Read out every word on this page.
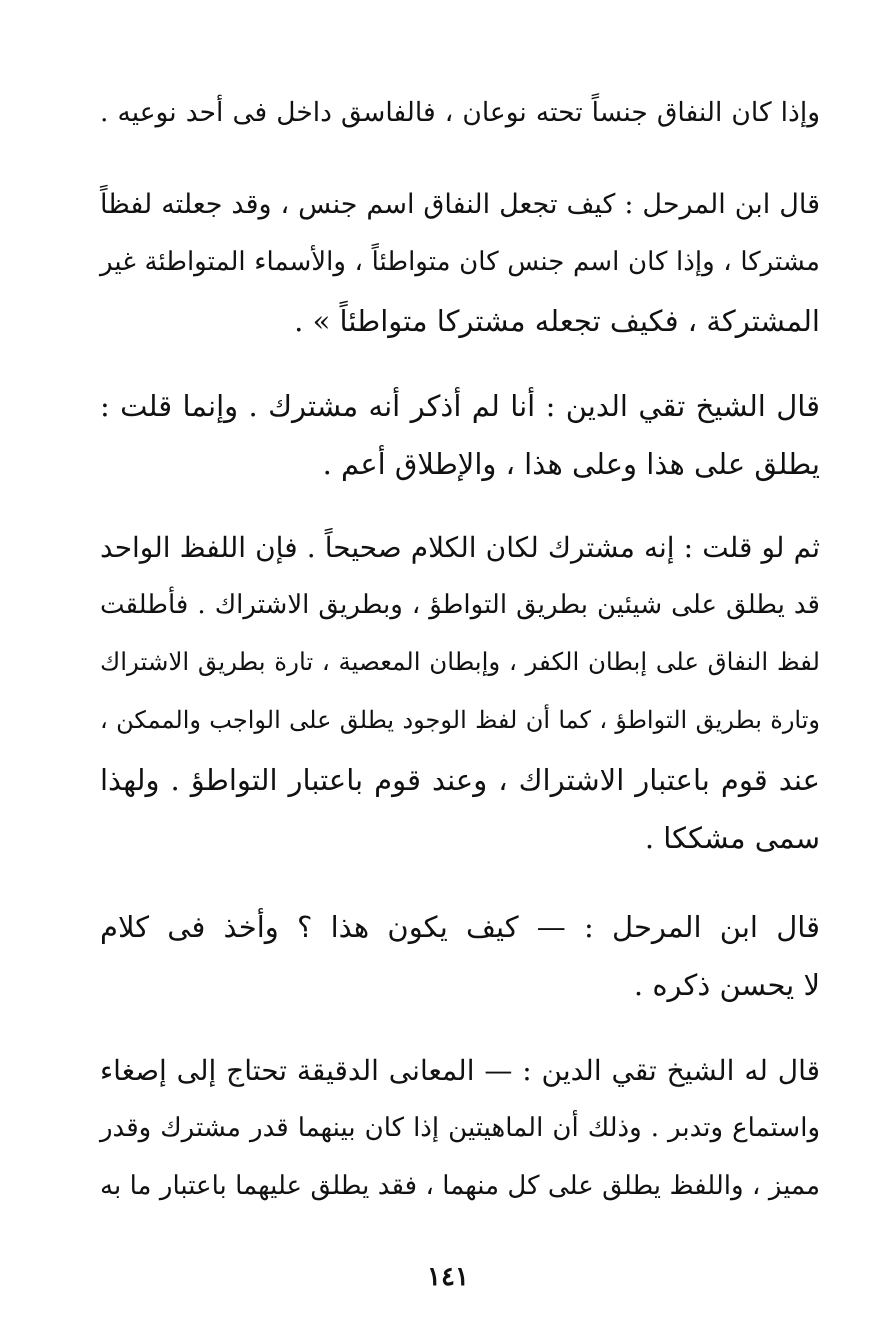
وإذا كان النفاق جنساً تحته نوعان ، فالفاسق داخل فى أحد نوعيه .
قال ابن المرحل : كيف تجعل النفاق اسم جنس ، وقد جعلته لفظاً
مشتركا ، وإذا كان اسم جنس كان متواطئاً ، والأسماء المتواطئة غير
المشتركة ، فكيف تجعله مشتركا متواطئاً » .
قال الشيخ تقي الدين : أنا لم أذكر أنه مشترك . وإنما قلت :
يطلق على هذا وعلى هذا ، والإطلاق أعم .
ثم لو قلت : إنه مشترك لكان الكلام صحيحاً . فإن اللفظ الواحد
قد يطلق على شيئين بطريق التواطؤ ، وبطريق الاشتراك . فأطلقت
لفظ النفاق على إبطان الكفر ، وإبطان المعصية ، تارة بطريق الاشتراك
وتارة بطريق التواطؤ ، كما أن لفظ الوجود يطلق على الواجب والممكن ،
عند قوم باعتبار الاشتراك ، وعند قوم باعتبار التواطؤ . ولهذا
سمى مشككا .
قال ابن المرحل : — كيف يكون هذا ؟ وأخذ فى كلام
لا يحسن ذكره .
قال له الشيخ تقي الدين : — المعانى الدقيقة تحتاج إلى إصغاء
واستماع وتدبر . وذلك أن الماهيتين إذا كان بينهما قدر مشترك وقدر
مميز ، واللفظ يطلق على كل منهما ، فقد يطلق عليهما باعتبار ما به
١٤١
